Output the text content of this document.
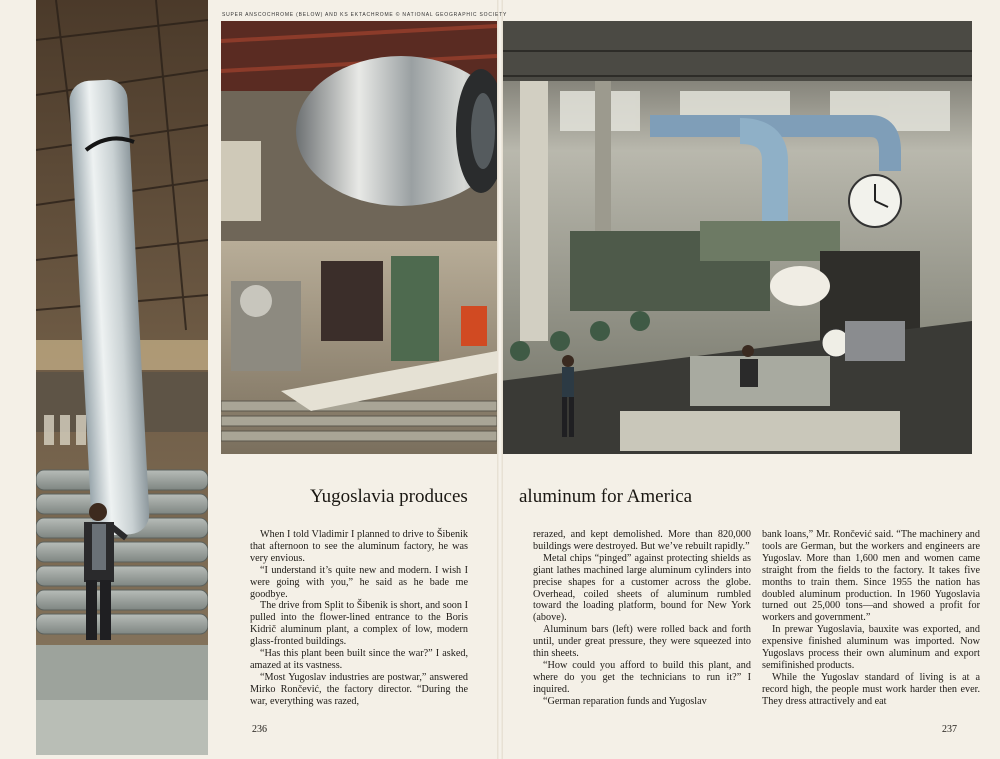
SUPER ANSCOCHROME (BELOW) AND KS EKTACHROME © NATIONAL GEOGRAPHIC SOCIETY
Yugoslavia produces	aluminum for America

When I told Vladimir I planned to drive to Šibenik that afternoon to see the aluminum factory, he was very envious.

“I understand it’s quite new and modern. I wish I were going with you,” he said as he bade me goodbye.

The drive from Split to Šibenik is short, and soon I pulled into the flower-lined entrance to the Boris Kidrič aluminum plant, a complex of low, modern glass-fronted buildings.

“Has this plant been built since the war?” I asked, amazed at its vastness.

“Most Yugoslav industries are postwar,” answered Mirko Rončević, the factory director. “During the war, everything was razed,

rerazed, and kept demolished. More than 820,000 buildings were destroyed. But we’ve rebuilt rapidly.”

Metal chips “pinged” against protecting shields as giant lathes machined large aluminum cylinders into precise shapes for a customer across the globe. Overhead, coiled sheets of aluminum rumbled toward the loading platform, bound for New York (above).

Aluminum bars (left) were rolled back and forth until, under great pressure, they were squeezed into thin sheets.

“How could you afford to build this plant, and where do you get the technicians to run it?” I inquired.

“German reparation funds and Yugoslav

bank loans,” Mr. Rončević said. “The machinery and tools are German, but the workers and engineers are Yugoslav. More than 1,600 men and women came straight from the fields to the factory. It takes five months to train them. Since 1955 the nation has doubled aluminum production. In 1960 Yugoslavia turned out 25,000 tons—and showed a profit for workers and government.”

In prewar Yugoslavia, bauxite was exported, and expensive finished aluminum was imported. Now Yugoslavs process their own aluminum and export semifinished products.

While the Yugoslav standard of living is at a record high, the people must work harder then ever. They dress attractively and eat

236	237
